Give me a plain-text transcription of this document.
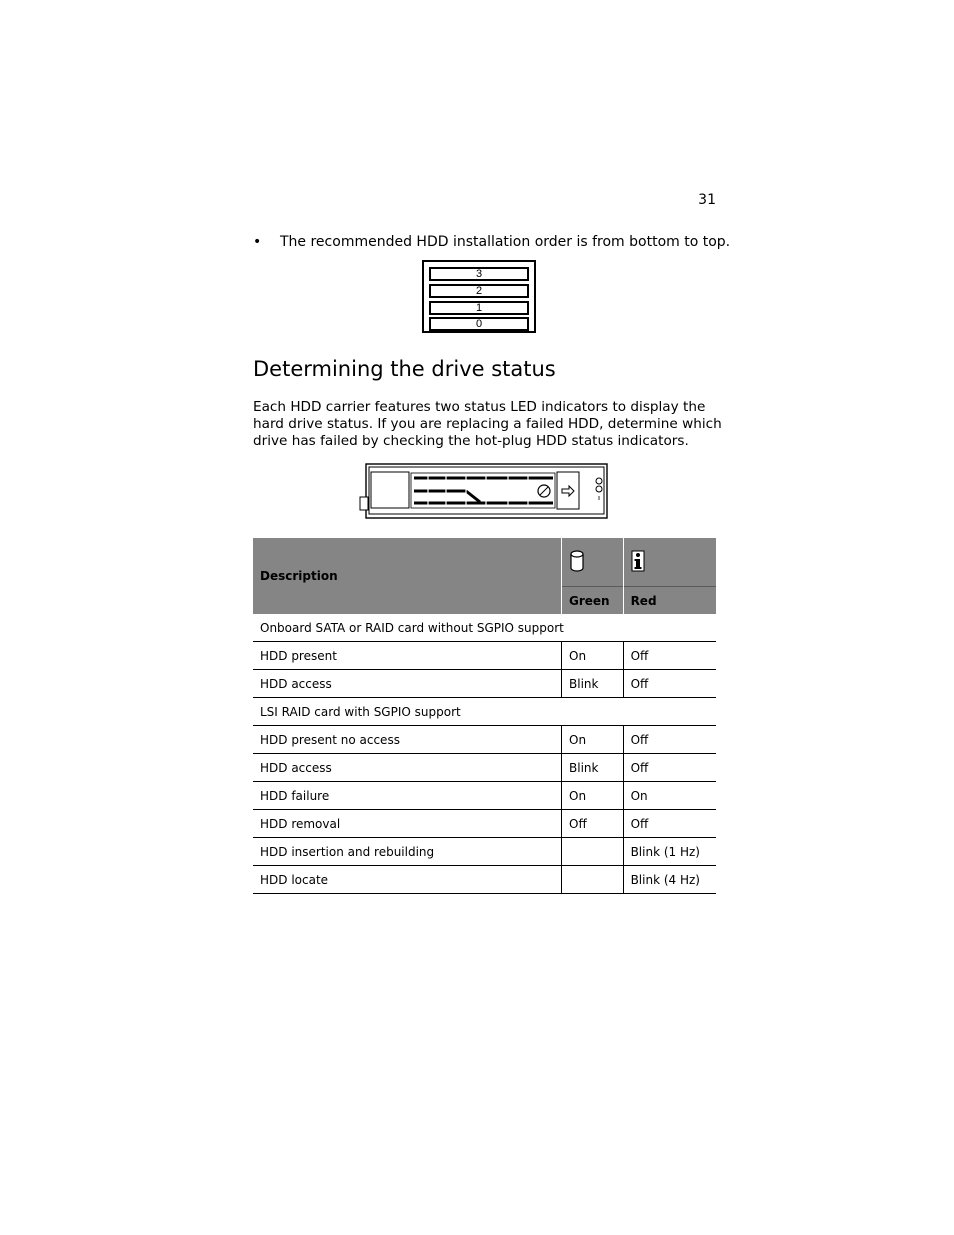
31
• The recommended HDD installation order is from bottom to top.
3
2
1
0
Determining the drive status

Each HDD carrier features two status LED indicators to display the hard drive status. If you are replacing a failed HDD, determine which drive has failed by checking the hot-plug HDD status indicators.

Description		
	Green	Red
Onboard SATA or RAID card without SGPIO support		
HDD present	On	Off
HDD access	Blink	Off
LSI RAID card with SGPIO support		
HDD present no access	On	Off
HDD access	Blink	Off
HDD failure	On	On
HDD removal	Off	Off
HDD insertion and rebuilding		Blink (1 Hz)
HDD locate		Blink (4 Hz)
